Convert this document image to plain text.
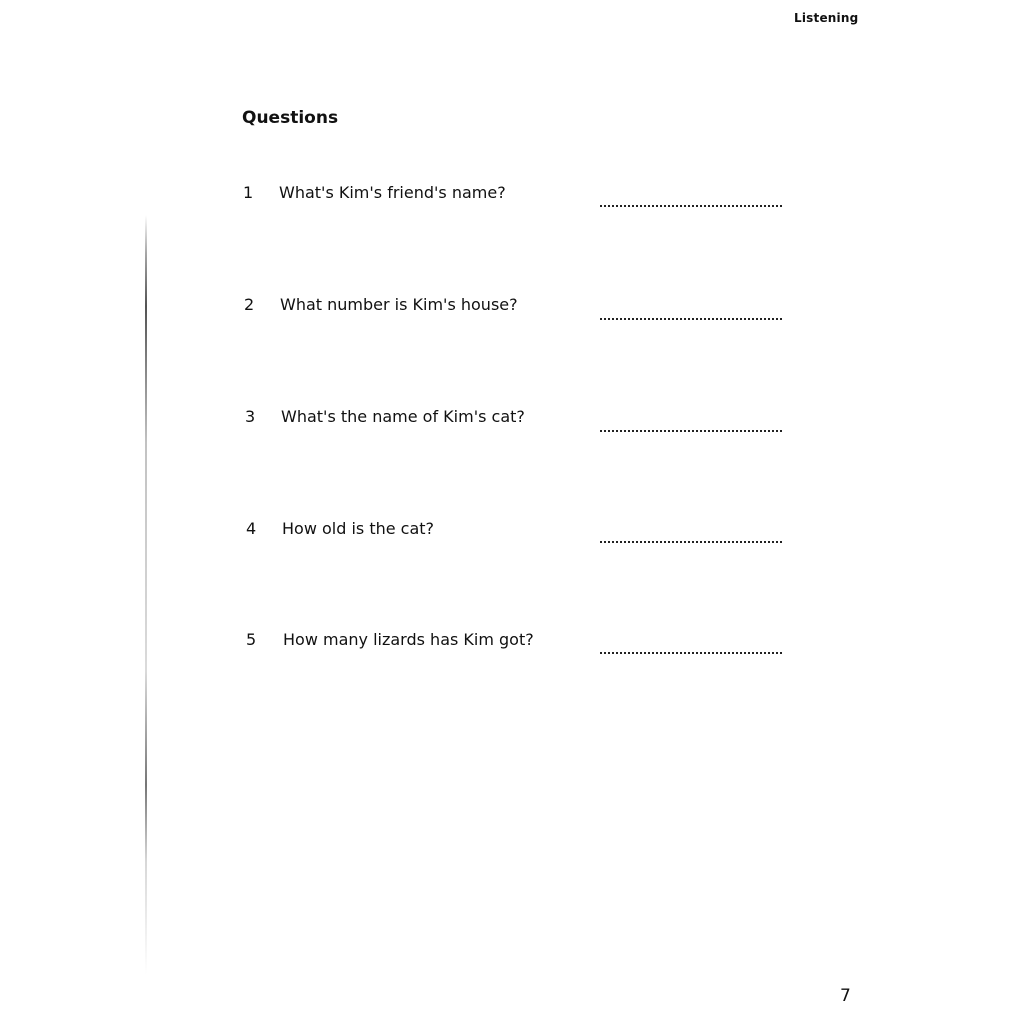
Listening
Questions
1 What's Kim's friend's name?
2 What number is Kim's house?
3 What's the name of Kim's cat?
4 How old is the cat?
5 How many lizards has Kim got?
7
